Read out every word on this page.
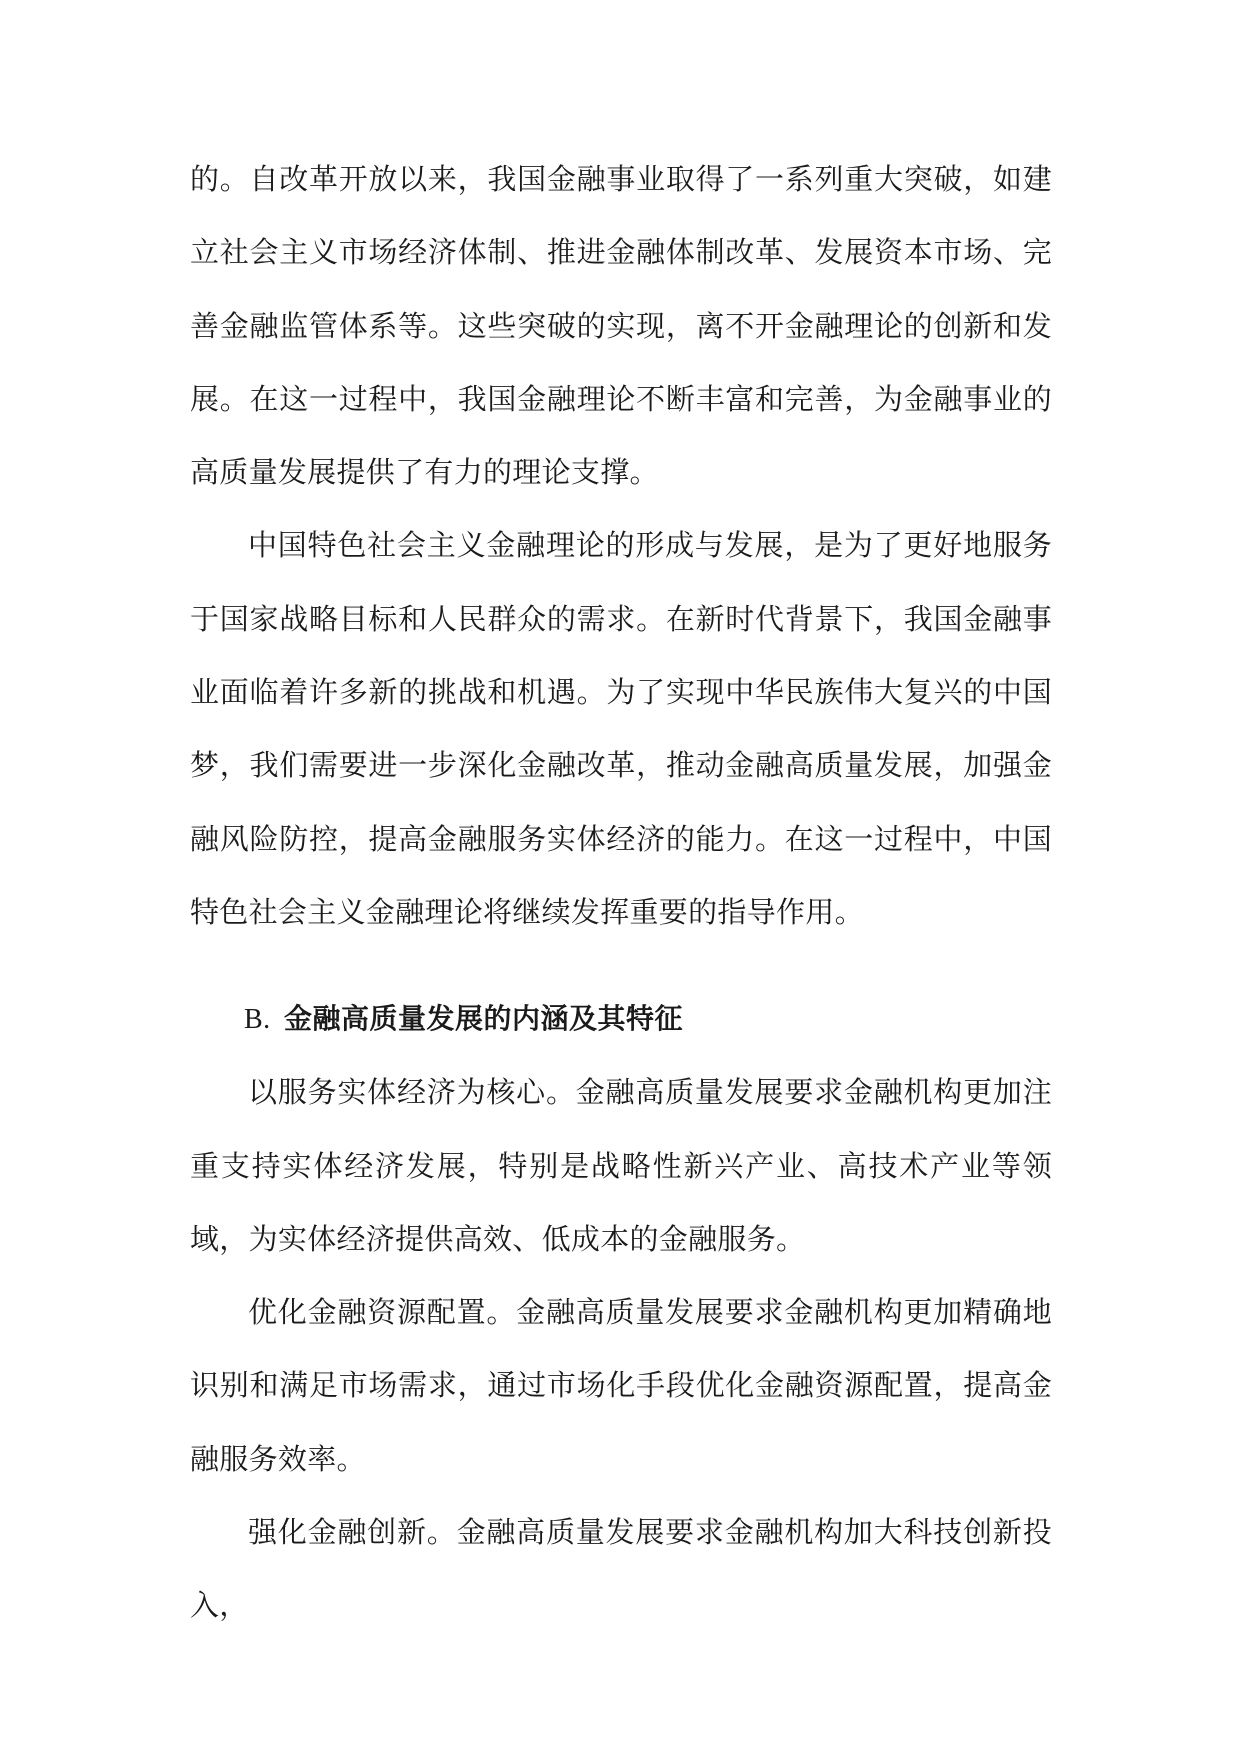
的。自改革开放以来，我国金融事业取得了一系列重大突破，如建立社会主义市场经济体制、推进金融体制改革、发展资本市场、完善金融监管体系等。这些突破的实现，离不开金融理论的创新和发展。在这一过程中，我国金融理论不断丰富和完善，为金融事业的高质量发展提供了有力的理论支撑。

中国特色社会主义金融理论的形成与发展，是为了更好地服务于国家战略目标和人民群众的需求。在新时代背景下，我国金融事业面临着许多新的挑战和机遇。为了实现中华民族伟大复兴的中国梦，我们需要进一步深化金融改革，推动金融高质量发展，加强金融风险防控，提高金融服务实体经济的能力。在这一过程中，中国特色社会主义金融理论将继续发挥重要的指导作用。

B. 金融高质量发展的内涵及其特征

以服务实体经济为核心。金融高质量发展要求金融机构更加注重支持实体经济发展，特别是战略性新兴产业、高技术产业等领域，为实体经济提供高效、低成本的金融服务。

优化金融资源配置。金融高质量发展要求金融机构更加精确地识别和满足市场需求，通过市场化手段优化金融资源配置，提高金融服务效率。

强化金融创新。金融高质量发展要求金融机构加大科技创新投入，
